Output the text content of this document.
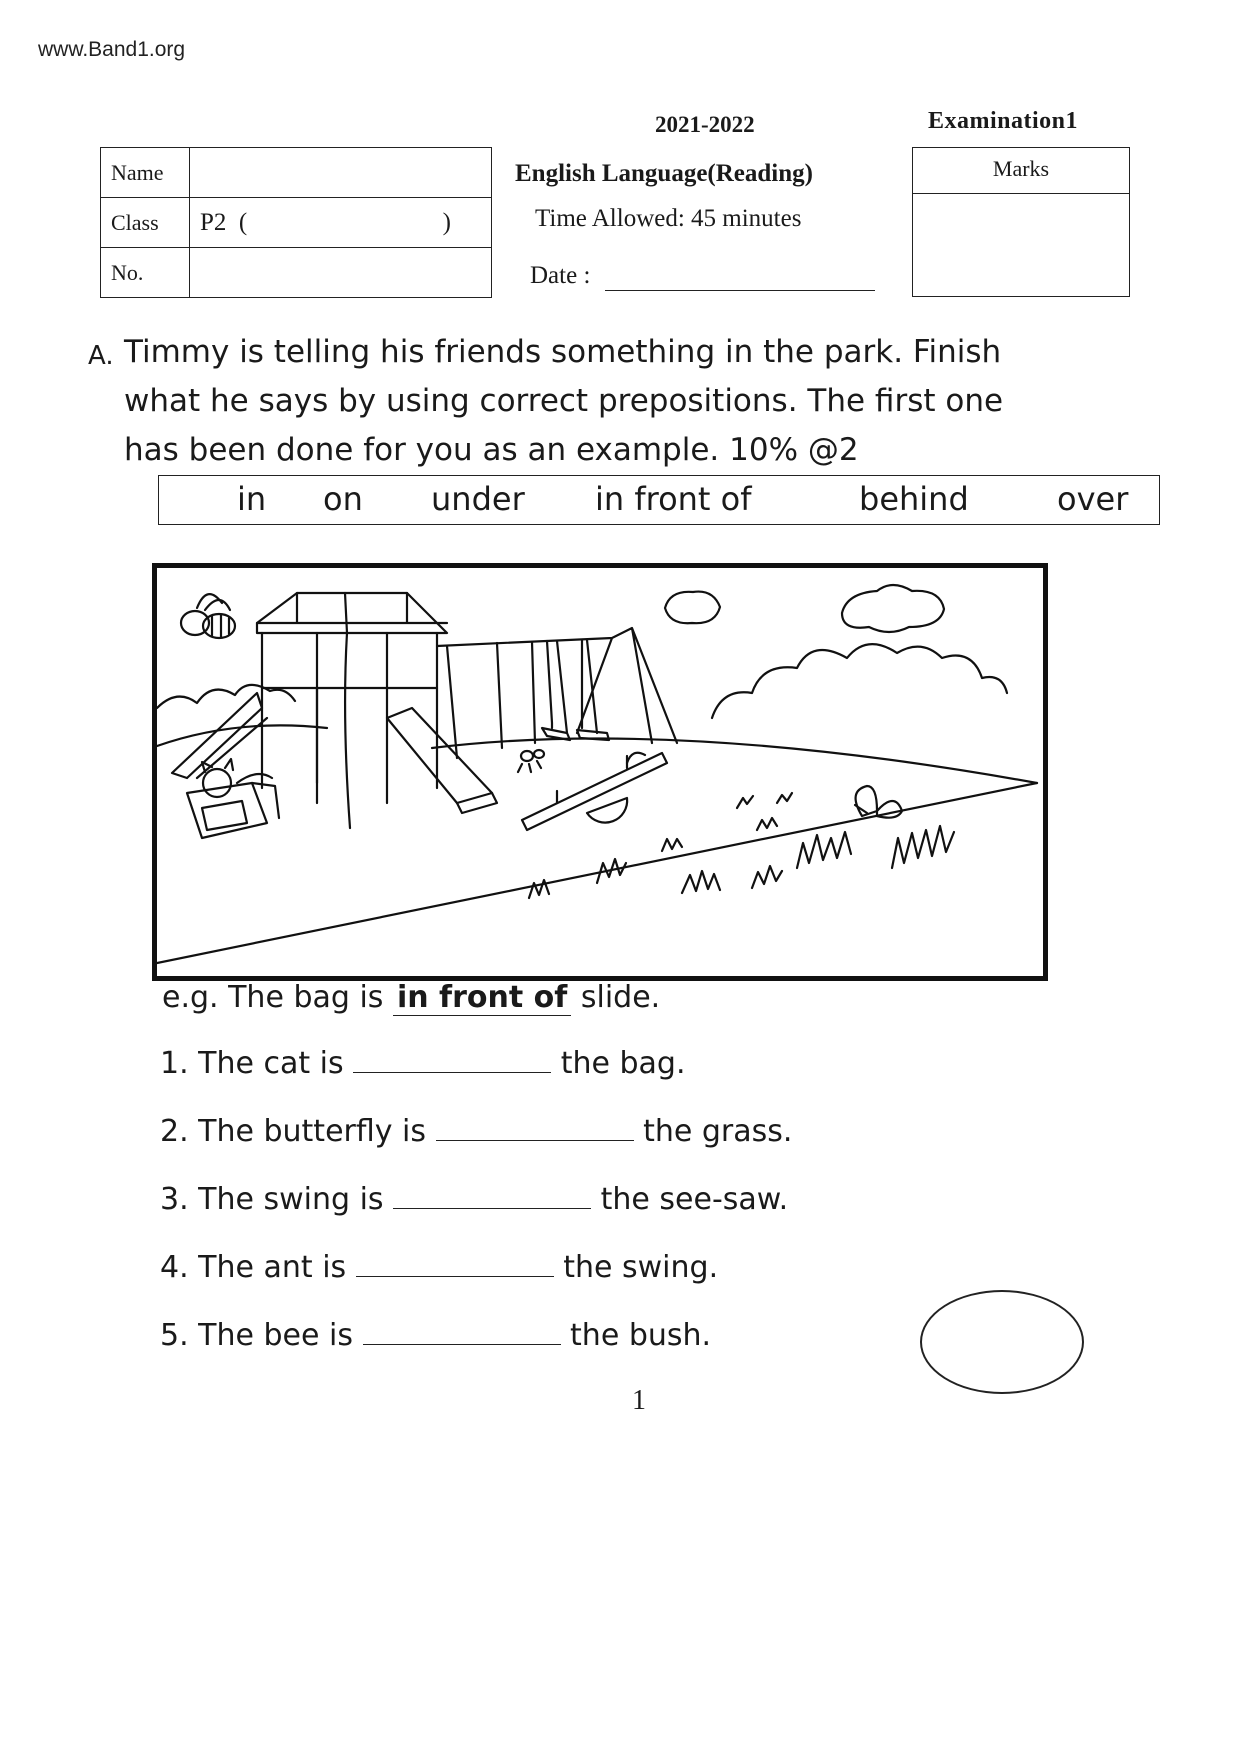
www.Band1.org
2021-2022	Examination1
Name	
Class	P2 ( )

No.	
English Language(Reading)
Time Allowed: 45 minutes
Date :
Marks
A. Timmy is telling his friends something in the park. Finish
what he says by using correct prepositions. The first one
has been done for you as an example. 10% @2
in on under in front of	behind	over
e.g. The bag is in front of slide.
1. The cat is	the bag.
2. The butterfly is	the grass.
3. The swing is	the see-saw.
4. The ant is	the swing.
5. The bee is	the bush.
1
